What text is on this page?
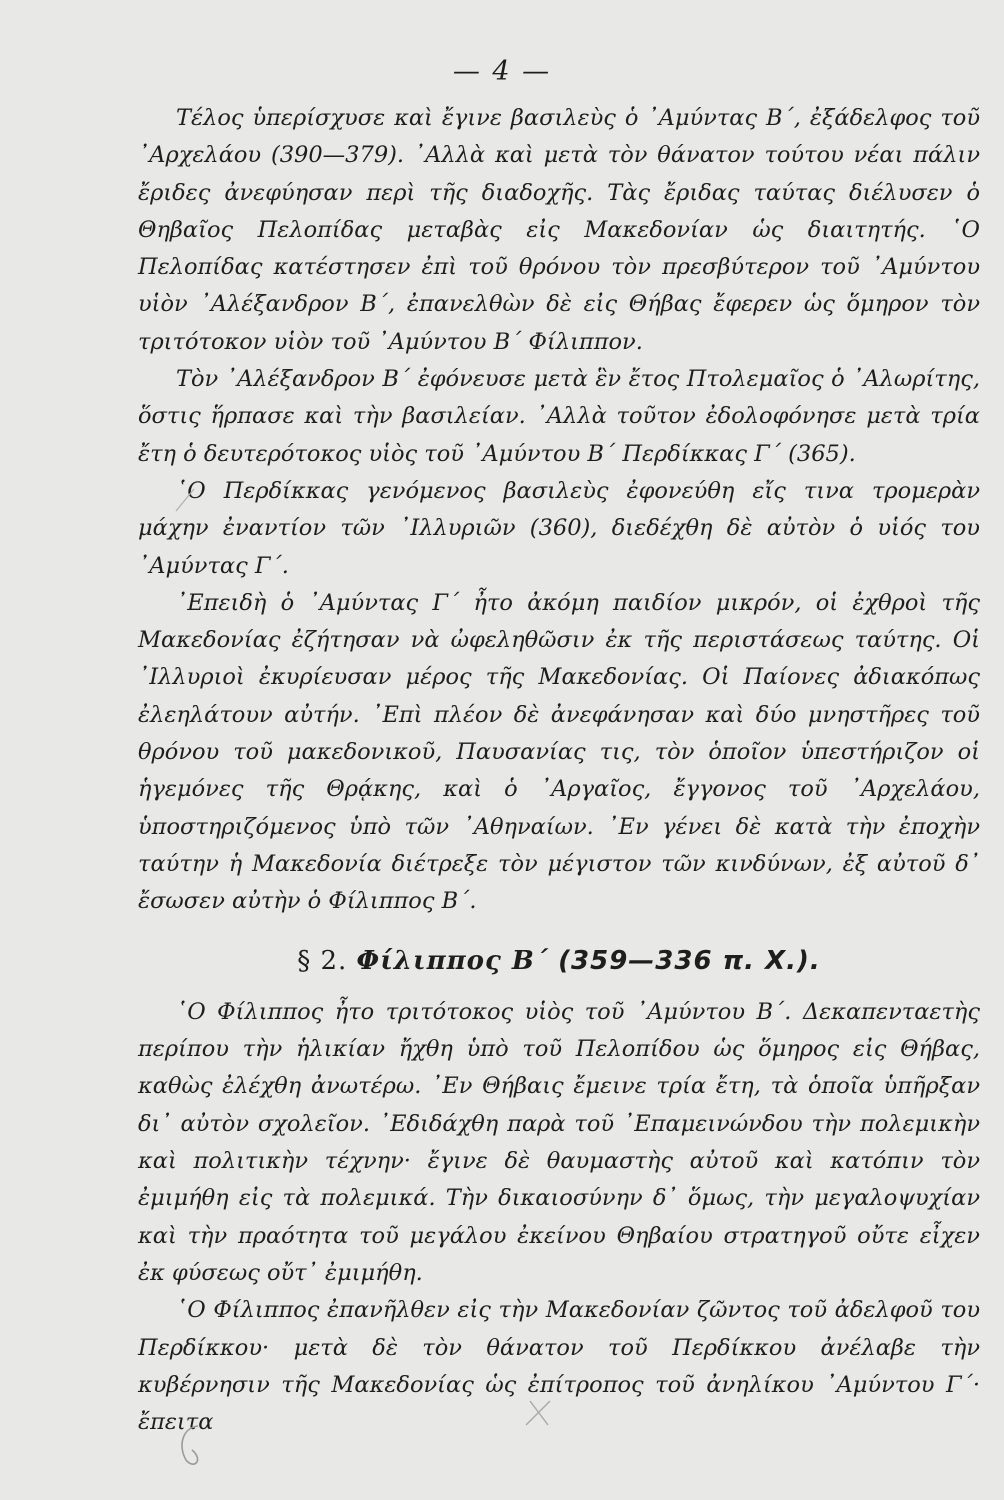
— 4 —

Τέλος ὑπερίσχυσε καὶ ἔγινε βασιλεὺς ὁ ᾿Αμύντας Β΄, ἐξάδελφος τοῦ ᾿Αρχελάου (390—379). ᾿Αλλὰ καὶ μετὰ τὸν θάνατον τούτου νέαι πάλιν ἔριδες ἀνεφύησαν περὶ τῆς διαδοχῆς. Τὰς ἔριδας ταύτας διέλυσεν ὁ Θηβαῖος Πελοπίδας μεταβὰς εἰς Μακεδονίαν ὡς διαιτητής. ῾Ο Πελοπίδας κατέστησεν ἐπὶ τοῦ θρόνου τὸν πρεσβύτερον τοῦ ᾿Αμύντου υἱὸν ᾿Αλέξανδρον Β΄, ἐπανελθὼν δὲ εἰς Θήβας ἔφερεν ὡς ὅμηρον τὸν τριτότοκον υἱὸν τοῦ ᾿Αμύντου Β΄ Φίλιππον.

Τὸν ᾿Αλέξανδρον Β΄ ἐφόνευσε μετὰ ἓν ἔτος Πτολεμαῖος ὁ ᾿Αλωρίτης, ὅστις ἥρπασε καὶ τὴν βασιλείαν. ᾿Αλλὰ τοῦτον ἐδολοφόνησε μετὰ τρία ἔτη ὁ δευτερότοκος υἱὸς τοῦ ᾿Αμύντου Β΄ Περδίκκας Γ΄ (365).

῾Ο Περδίκκας γενόμενος βασιλεὺς ἐφονεύθη εἴς τινα τρομερὰν μάχην ἐναντίον τῶν ᾿Ιλλυριῶν (360), διεδέχθη δὲ αὐτὸν ὁ υἱός του ᾿Αμύντας Γ΄.

᾿Επειδὴ ὁ ᾿Αμύντας Γ΄ ἦτο ἀκόμη παιδίον μικρόν, οἱ ἐχθροὶ τῆς Μακεδονίας ἐζήτησαν νὰ ὠφεληθῶσιν ἐκ τῆς περιστάσεως ταύτης. Οἱ ᾿Ιλλυριοὶ ἐκυρίευσαν μέρος τῆς Μακεδονίας. Οἱ Παίονες ἀδιακόπως ἐλεηλάτουν αὐτήν. ᾿Επὶ πλέον δὲ ἀνεφάνησαν καὶ δύο μνηστῆρες τοῦ θρόνου τοῦ μακεδονικοῦ, Παυσανίας τις, τὸν ὁποῖον ὑπεστήριζον οἱ ἡγεμόνες τῆς Θρᾴκης, καὶ ὁ ᾿Αργαῖος, ἔγγονος τοῦ ᾿Αρχελάου, ὑποστηριζόμενος ὑπὸ τῶν ᾿Αθηναίων. ᾿Εν γένει δὲ κατὰ τὴν ἐποχὴν ταύτην ἡ Μακεδονία διέτρεξε τὸν μέγιστον τῶν κινδύνων, ἐξ αὐτοῦ δ᾿ ἔσωσεν αὐτὴν ὁ Φίλιππος Β΄.

§ 2. Φίλιππος Β΄ (359—336 π. Χ.).

῾Ο Φίλιππος ἦτο τριτότοκος υἱὸς τοῦ ᾿Αμύντου Β΄. Δεκαπενταετὴς περίπου τὴν ἡλικίαν ἤχθη ὑπὸ τοῦ Πελοπίδου ὡς ὅμηρος εἰς Θήβας, καθὼς ἐλέχθη ἀνωτέρω. ᾿Εν Θήβαις ἔμεινε τρία ἔτη, τὰ ὁποῖα ὑπῆρξαν δι᾿ αὐτὸν σχολεῖον. ᾿Εδιδάχθη παρὰ τοῦ ᾿Επαμεινώνδου τὴν πολεμικὴν καὶ πολιτικὴν τέχνην· ἔγινε δὲ θαυμαστὴς αὐτοῦ καὶ κατόπιν τὸν ἐμιμήθη εἰς τὰ πολεμικά. Τὴν δικαιοσύνην δ᾿ ὅμως, τὴν μεγαλοψυχίαν καὶ τὴν πραότητα τοῦ μεγάλου ἐκείνου Θηβαίου στρατηγοῦ οὔτε εἶχεν ἐκ φύσεως οὔτ᾿ ἐμιμήθη.

῾Ο Φίλιππος ἐπανῆλθεν εἰς τὴν Μακεδονίαν ζῶντος τοῦ ἀδελφοῦ του Περδίκκου· μετὰ δὲ τὸν θάνατον τοῦ Περδίκκου ἀνέλαβε τὴν κυβέρνησιν τῆς Μακεδονίας ὡς ἐπίτροπος τοῦ ἀνηλίκου ᾿Αμύντου Γ΄· ἔπειτα
